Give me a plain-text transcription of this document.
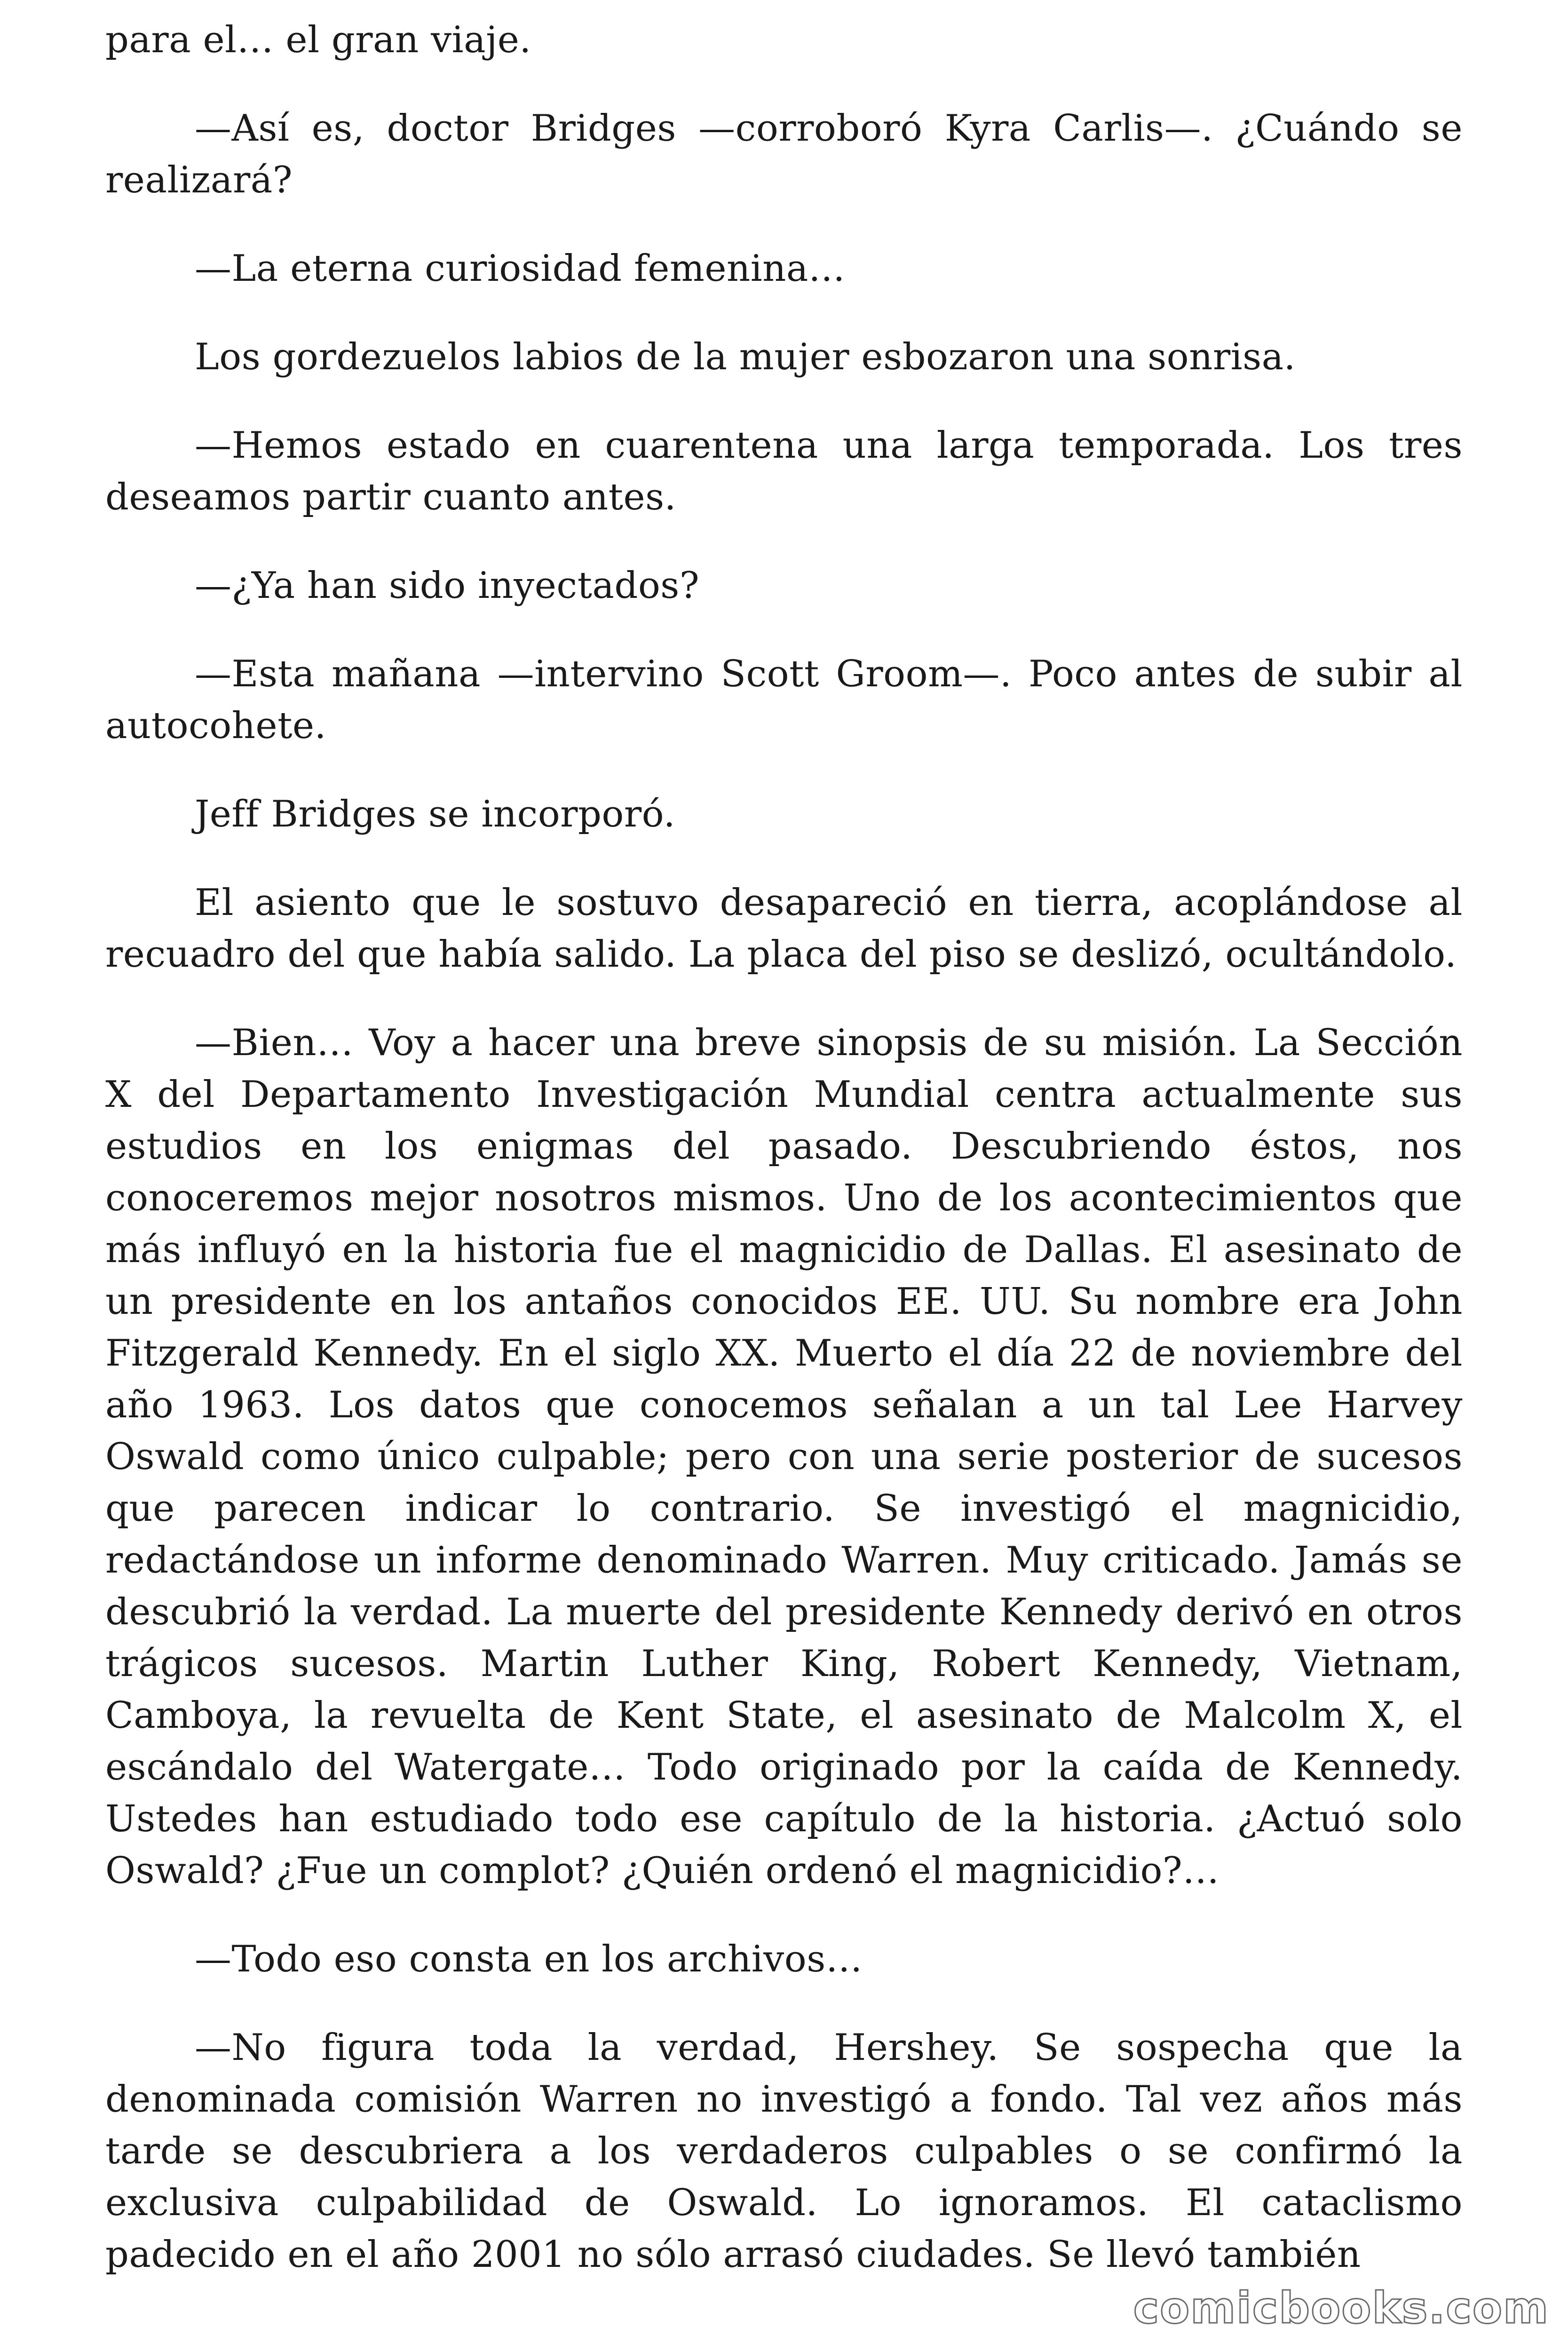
para el… el gran viaje.

—Así es, doctor Bridges —corroboró Kyra Carlis—. ¿Cuándo se realizará?

—La eterna curiosidad femenina…

Los gordezuelos labios de la mujer esbozaron una sonrisa.

—Hemos estado en cuarentena una larga temporada. Los tres deseamos partir cuanto antes.

—¿Ya han sido inyectados?

—Esta mañana —intervino Scott Groom—. Poco antes de subir al autocohete.

Jeff Bridges se incorporó.

El asiento que le sostuvo desapareció en tierra, acoplándose al recuadro del que había salido. La placa del piso se deslizó, ocultándolo.

—Bien… Voy a hacer una breve sinopsis de su misión. La Sección X del Departamento Investigación Mundial centra actualmente sus estudios en los enigmas del pasado. Descubriendo éstos, nos conoceremos mejor nosotros mismos. Uno de los acontecimientos que más influyó en la historia fue el magnicidio de Dallas. El asesinato de un presidente en los antaños conocidos EE. UU. Su nombre era John Fitzgerald Kennedy. En el siglo XX. Muerto el día 22 de noviembre del año 1963. Los datos que conocemos señalan a un tal Lee Harvey Oswald como único culpable; pero con una serie posterior de sucesos que parecen indicar lo contrario. Se investigó el magnicidio, redactándose un informe denominado Warren. Muy criticado. Jamás se descubrió la verdad. La muerte del presidente Kennedy derivó en otros trágicos sucesos. Martin Luther King, Robert Kennedy, Vietnam, Camboya, la revuelta de Kent State, el asesinato de Malcolm X, el escándalo del Watergate… Todo originado por la caída de Kennedy. Ustedes han estudiado todo ese capítulo de la historia. ¿Actuó solo Oswald? ¿Fue un complot? ¿Quién ordenó el magnicidio?…

—Todo eso consta en los archivos…

—No figura toda la verdad, Hershey. Se sospecha que la denominada comisión Warren no investigó a fondo. Tal vez años más tarde se descubriera a los verdaderos culpables o se confirmó la exclusiva culpabilidad de Oswald. Lo ignoramos. El cataclismo padecido en el año 2001 no sólo arrasó ciudades. Se llevó también

comicbooks.com
